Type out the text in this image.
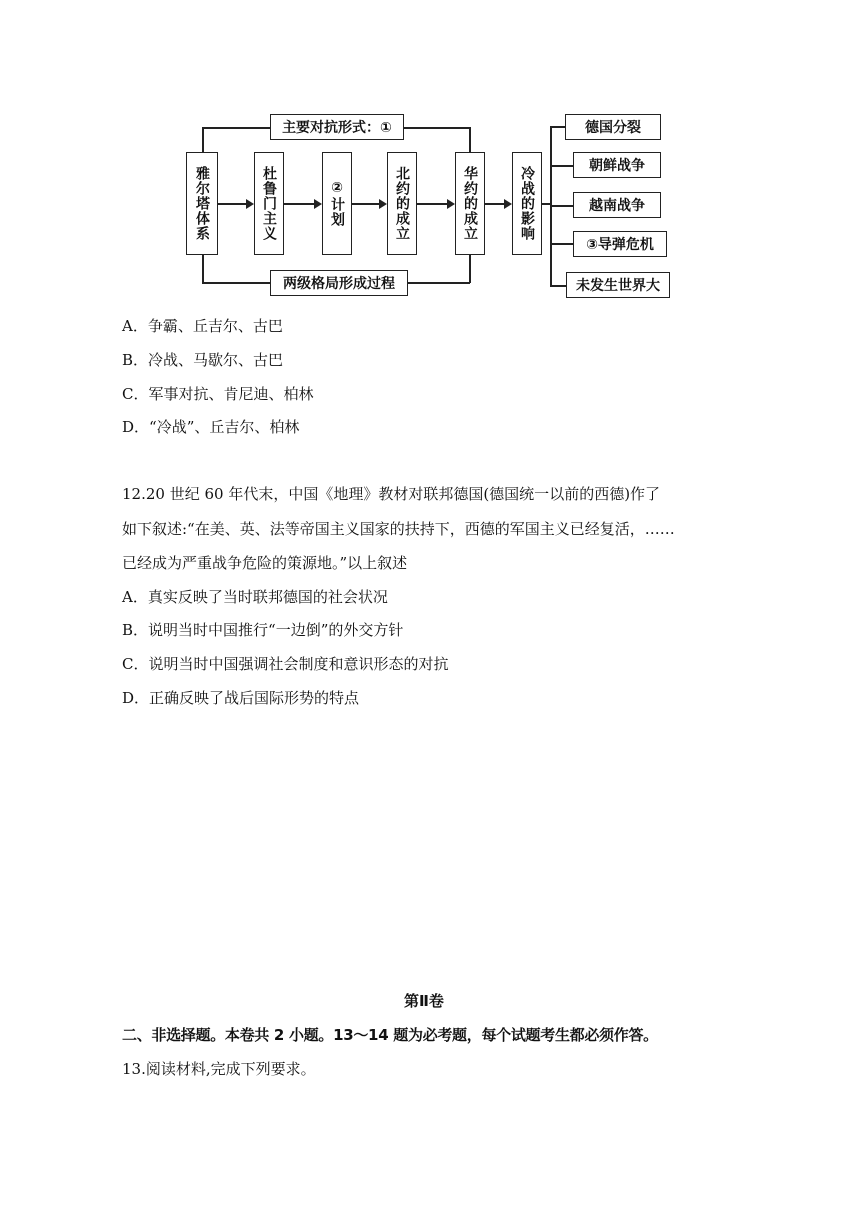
主要对抗形式：①
两级格局形成过程
雅尔塔体系	杜鲁门主义	②计划	北约的成立	华约的成立	冷战的影响
德国分裂
朝鲜战争
越南战争
③导弹危机
未发生世界大
A．争霸、丘吉尔、古巴
B．冷战、马歇尔、古巴
C．军事对抗、肯尼迪、柏林
D．“冷战”、丘吉尔、柏林
12.20 世纪 60 年代末，中国《地理》教材对联邦德国(德国统一以前的西德)作了
如下叙述:“在美、英、法等帝国主义国家的扶持下，西德的军国主义已经复活，……
已经成为严重战争危险的策源地。”以上叙述
A．真实反映了当时联邦德国的社会状况
B．说明当时中国推行“一边倒”的外交方针
C．说明当时中国强调社会制度和意识形态的对抗
D．正确反映了战后国际形势的特点
第Ⅱ卷
二、非选择题。本卷共 2 小题。13～14 题为必考题，每个试题考生都必须作答。
13.阅读材料,完成下列要求。
